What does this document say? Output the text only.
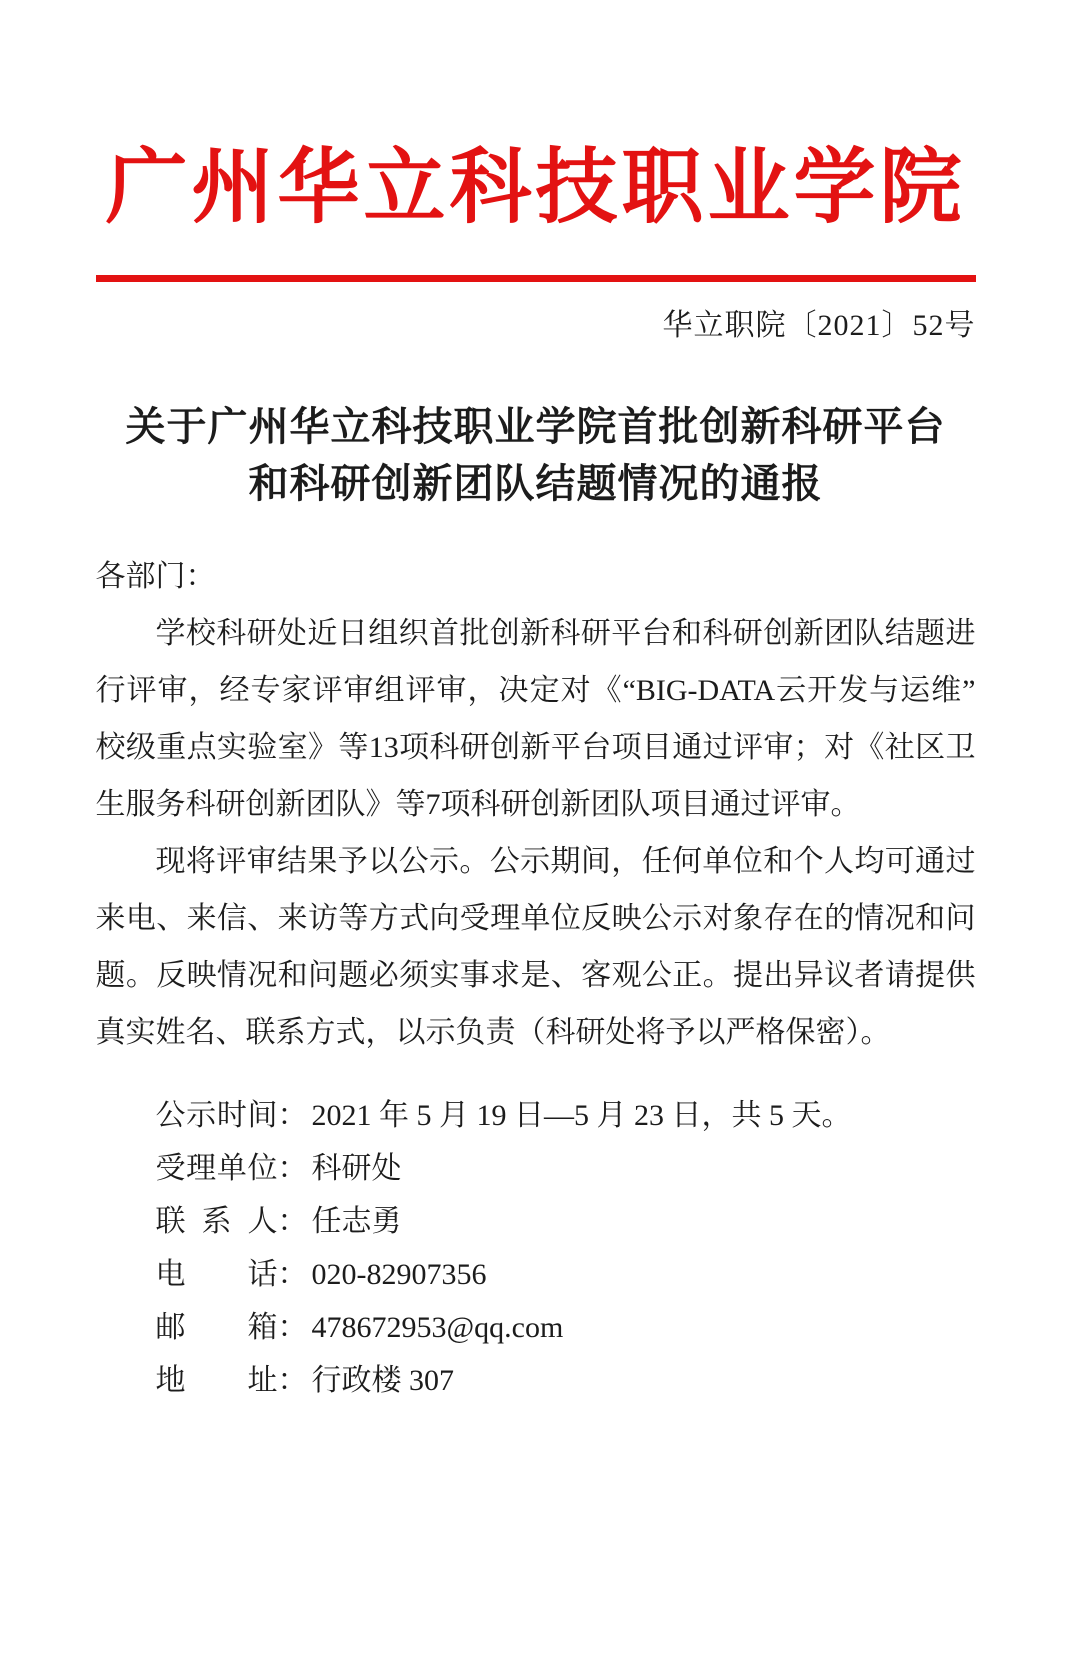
广州华立科技职业学院
华立职院〔2021〕52号
关于广州华立科技职业学院首批创新科研平台
和科研创新团队结题情况的通报
各部门：

学校科研处近日组织首批创新科研平台和科研创新团队结题进行评审，经专家评审组评审，决定对《“BIG-DATA云开发与运维”校级重点实验室》等13项科研创新平台项目通过评审；对《社区卫生服务科研创新团队》等7项科研创新团队项目通过评审。

现将评审结果予以公示。公示期间，任何单位和个人均可通过来电、来信、来访等方式向受理单位反映公示对象存在的情况和问题。反映情况和问题必须实事求是、客观公正。提出异议者请提供真实姓名、联系方式，以示负责（科研处将予以严格保密）。

公示时间： 2021 年 5 月 19 日—5 月 23 日，共 5 天。
受理单位： 科研处
联系人： 任志勇
电话： 020-82907356
邮箱： 478672953@qq.com
地址： 行政楼 307
